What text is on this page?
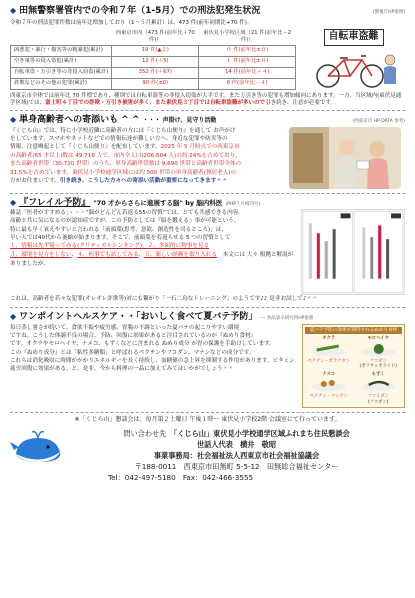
◆ 田無警察署管内での令和７年（1-5月）での刑法犯発生状況	(警視庁HP参照)
令和７年の刑法犯罪件数は前年比増加しており（1～５月累計）は、473 件(前年同期比+70 件)。
	西東京市内（473 件(前年比＋70 件)）	東伏見小学校区域（21 件(前年比－2 件)）
凶悪犯・暴行・傷害等の粗暴犯(累計)	19 件(▲２)	０ 件(前年比±０)
空き巣等の侵入盗犯(累計)	12 件(＋5)	１ 件(前年比±０)
自転車盗・万引き等の非侵入窃盗(累計)	352 件(＋67)	14 件(前年比＋４)
詐欺などのその他の犯罪(累計)	90 件(±0)	6 件(前年比－４)
自転車盗難
西東京市全体では前年比 70 件増であり、種別では自転車盗等の非侵入窃盗が大半です。また万引き等の犯罪も増加傾向にあります。一方、当区域内(東伏見通学区域)では、富士町４丁目での詐欺・万引き被害が多く、また東伏見３丁目では自転車盗難が多いので引き続き、注意が必要です。
◆ 単身高齢者への寄添いも ^ ^ ・・・ 声掛け、見守り活動	(西東京市 HP DATA 参考)
『くじら山』では、特に小学校近隣に高齢者の方には『くじら山便り』を通して お声がけ
をしています。スマホやネットなどでの情報伝達が難しい方へ、身近な犯罪や防災等の
情報、注意喚起として『くじら山便り』を配布しています。2025 年 5 月時点での西東京市
の高齢者(65 才以上)数は 49,716 人で、市内全人口(206,604 人)の約 24%を占めており、
また高齢者世帯（30,720 世帯）のうち、単身高齢世帯数は 9,690 世帯と高齢者世帯全体の
31.5%を占めています。東伏見小学校通学区域には約 500 世帯の単身高齢者(独居老人)の
方がお住まいです。引き続き、こうした方々への寄添い活動が重要になってきます＾＾
◆ 『フレイル予防』 "70 才からさらに進展する脳" by 脳内科医 (PHP７月増刊号)
雑誌「医者がすすめる」・・・“脳がどんどん若返る55の習慣”では、とても共感できる内容。
高齢と共に気になるのが認知症ですが、この予防としては『脳を鍛える』事が可能という。
特に最も早く衰えやすいと言われる「前頭葉(思考、意欲、創造性を司るところ)」は、
早い人では40代から萎縮が始まります。そこで、前頭葉を若返らせる 5 つの習慣として
１、情報は先ず疑ってみる(クリティカルシンキング)、２、多面的に物事を見る
３、環境を見方をしない、４、何事でも試してみる、５、新しい経験を取り入れる　 本文には 大々 根拠と解説がありましたが、
これは、高齢者を若々な犯罪(オレオレ詐欺等)対にも繋がり「一石二鳥なトレーニング」のようです♪♪ 是非お試しで♪＾＾
◆ ワンポイントヘルスケア・・「おいしく食べて夏バテ予防」 --- 食品表示研究所HP参照
毎日蒸し暑さが続いて、食欲不振や疲労感、胃腸の不調といった夏バテの起こりやすい環境
ですね。こうした体調不良の場合、予防、回復に効果があると注目されているのが『ぬめり食材』
です。オクラやモロヘイヤ、ナメコ、もずくなどに含まれる ぬめり成分 が胃の保護を手助けしています。
この『ぬめり成分』とは「粘性多糖類」と呼ばれるペクチンやフコダン、マナンなどの成分です。
これらは消化吸収に時間がかかりエネルギーを長く持続し、血糖値の急上昇を抑制する作用があります。ビタミン
疲労回復に効果がある、と。是非、今から料理の一品に加えてみてはいかがでしょう＾＾
夏バテ予防に効果が期待されるぬめり食材
オクラ
ペクチン・ガラクタン
モロヘイヤ
フコダン
(ポリサッカライド)
ナメコ
ペクチン・マンナン
もずく
フコイダン
(フコダン)
※「くじら山」懇談会は、毎月第２土曜日 午後１時〜 東伏見小学校2階 会議室にて行っています。
問い合わせ先　 「くじら山」東伏見小学校通学区域ふれまち住民懇談会
世話人代表　横井　敬昭
事業事務局：社会福祉法人西東京市社会福祉協議会
〒188-0011　西東京市田無町 5-5-12　田無総合福祉センター
Tel：042-497-5180　Fax：042-466-3555
